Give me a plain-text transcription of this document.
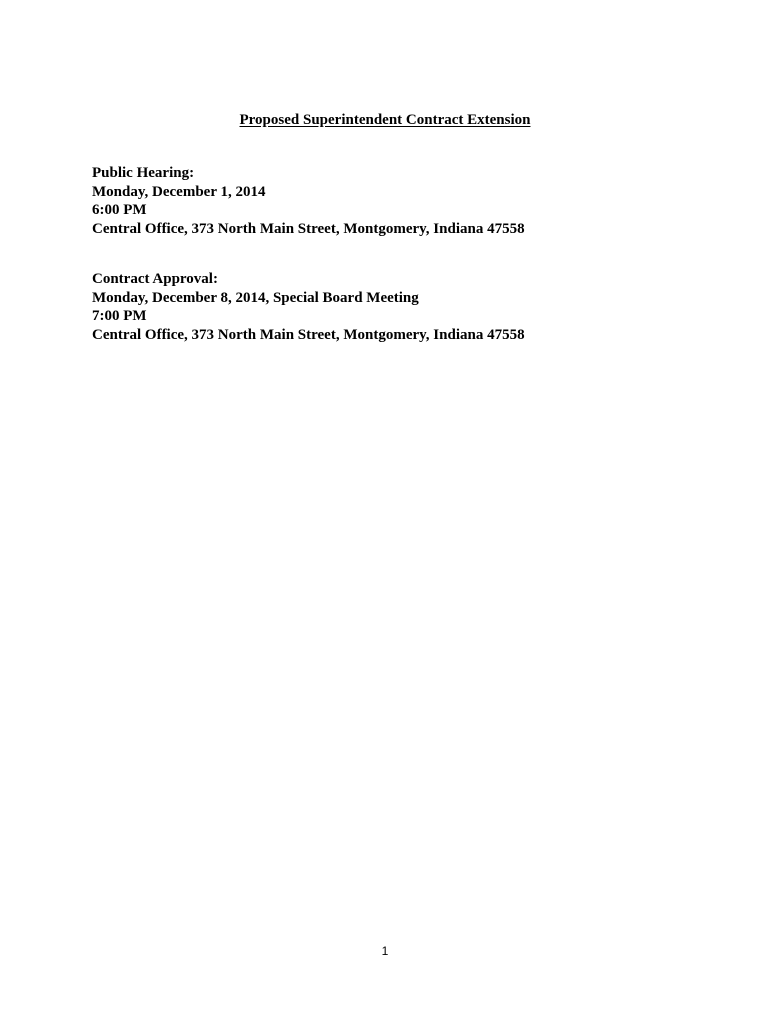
Proposed Superintendent Contract Extension
Public Hearing:
Monday, December 1, 2014
6:00 PM
Central Office, 373 North Main Street, Montgomery, Indiana 47558
Contract Approval:
Monday, December 8, 2014, Special Board Meeting
7:00 PM
Central Office, 373 North Main Street, Montgomery, Indiana 47558
1
